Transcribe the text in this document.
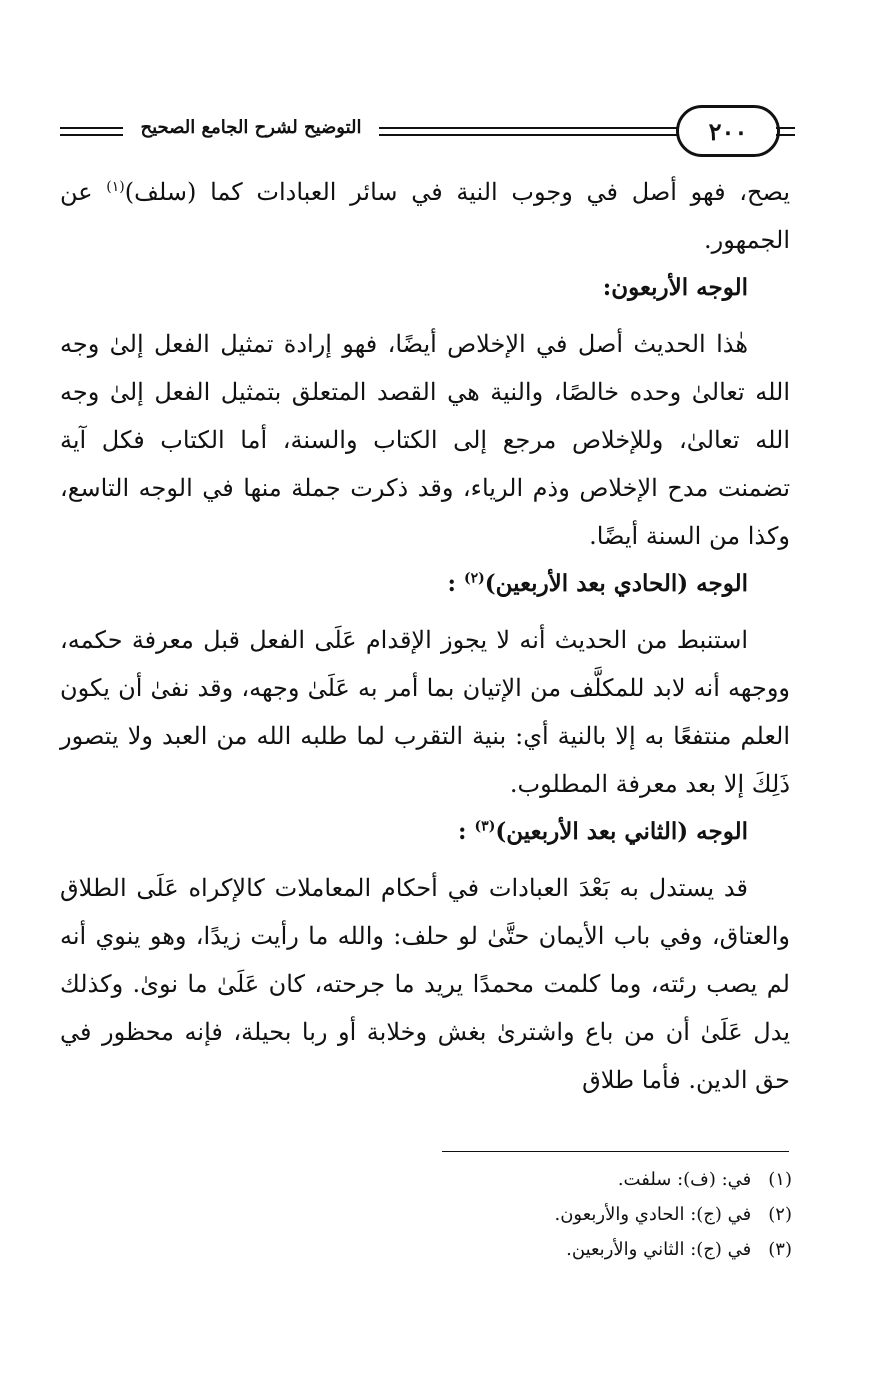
التوضيح لشرح الجامع الصحيح	٢٠٠

يصح، فهو أصل في وجوب النية في سائر العبادات كما (سلف)$^{(١)}$ عن الجمهور.

الوجه الأربعون:

هٰذا الحديث أصل في الإخلاص أيضًا، فهو إرادة تمثيل الفعل إلىٰ وجه الله تعالىٰ وحده خالصًا، والنية هي القصد المتعلق بتمثيل الفعل إلىٰ وجه الله تعالىٰ، وللإخلاص مرجع إلى الكتاب والسنة، أما الكتاب فكل آية تضمنت مدح الإخلاص وذم الرياء، وقد ذكرت جملة منها في الوجه التاسع، وكذا من السنة أيضًا.

الوجه (الحادي بعد الأربعين)$^{(٢)}$ :

استنبط من الحديث أنه لا يجوز الإقدام عَلَى الفعل قبل معرفة حكمه، ووجهه أنه لابد للمكلَّف من الإتيان بما أمر به عَلَىٰ وجهه، وقد نفىٰ أن يكون العلم منتفعًا به إلا بالنية أي: بنية التقرب لما طلبه الله من العبد ولا يتصور ذَلِكَ إلا بعد معرفة المطلوب.

الوجه (الثاني بعد الأربعين)$^{(٣)}$ :

قد يستدل به بَعْدَ العبادات في أحكام المعاملات كالإكراه عَلَى الطلاق والعتاق، وفي باب الأيمان حتَّىٰ لو حلف: والله ما رأيت زيدًا، وهو ينوي أنه لم يصب رئته، وما كلمت محمدًا يريد ما جرحته، كان عَلَىٰ ما نوىٰ. وكذلك يدل عَلَىٰ أن من باع واشترىٰ بغش وخلابة أو ربا بحيلة، فإنه محظور في حق الدين. فأما طلاق

(١) في: (ف): سلفت.
(٢) في (ج): الحادي والأربعون.
(٣) في (ج): الثاني والأربعين.
